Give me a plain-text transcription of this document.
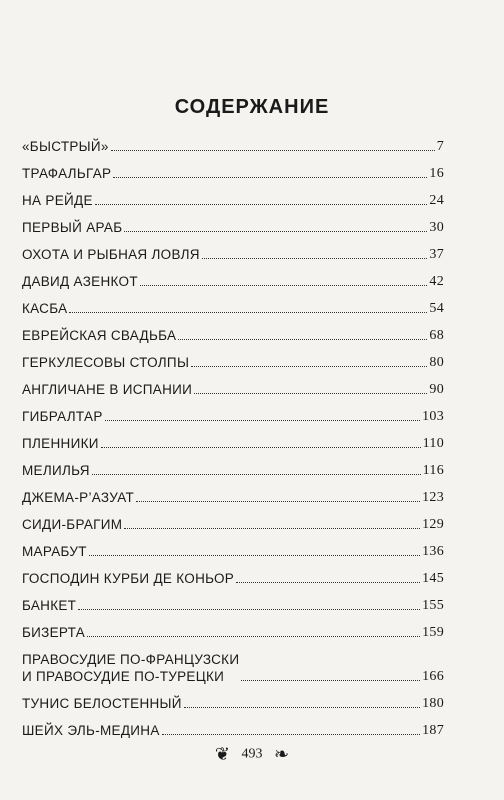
СОДЕРЖАНИЕ
«БЫСТРЫЙ»	7
ТРАФАЛЬГАР	16
НА РЕЙДЕ	24
ПЕРВЫЙ АРАБ	30
ОХОТА И РЫБНАЯ ЛОВЛЯ	37
ДАВИД АЗЕНКОТ	42
КАСБА	54
ЕВРЕЙСКАЯ СВАДЬБА	68
ГЕРКУЛЕСОВЫ СТОЛПЫ	80
АНГЛИЧАНЕ В ИСПАНИИ	90
ГИБРАЛТАР	103
ПЛЕННИКИ	110
МЕЛИЛЬЯ	116
ДЖЕМА-Р’АЗУАТ	123
СИДИ-БРАГИМ	129
МАРАБУТ	136
ГОСПОДИН КУРБИ ДЕ КОНЬОР	145
БАНКЕТ	155
БИЗЕРТА	159
ПРАВОСУДИЕ ПО-ФРАНЦУЗСКИ
И ПРАВОСУДИЕ ПО-ТУРЕЦКИ	166
ТУНИС БЕЛОСТЕННЫЙ	180
ШЕЙХ ЭЛЬ-МЕДИНА	187
❦ 493 ❧
